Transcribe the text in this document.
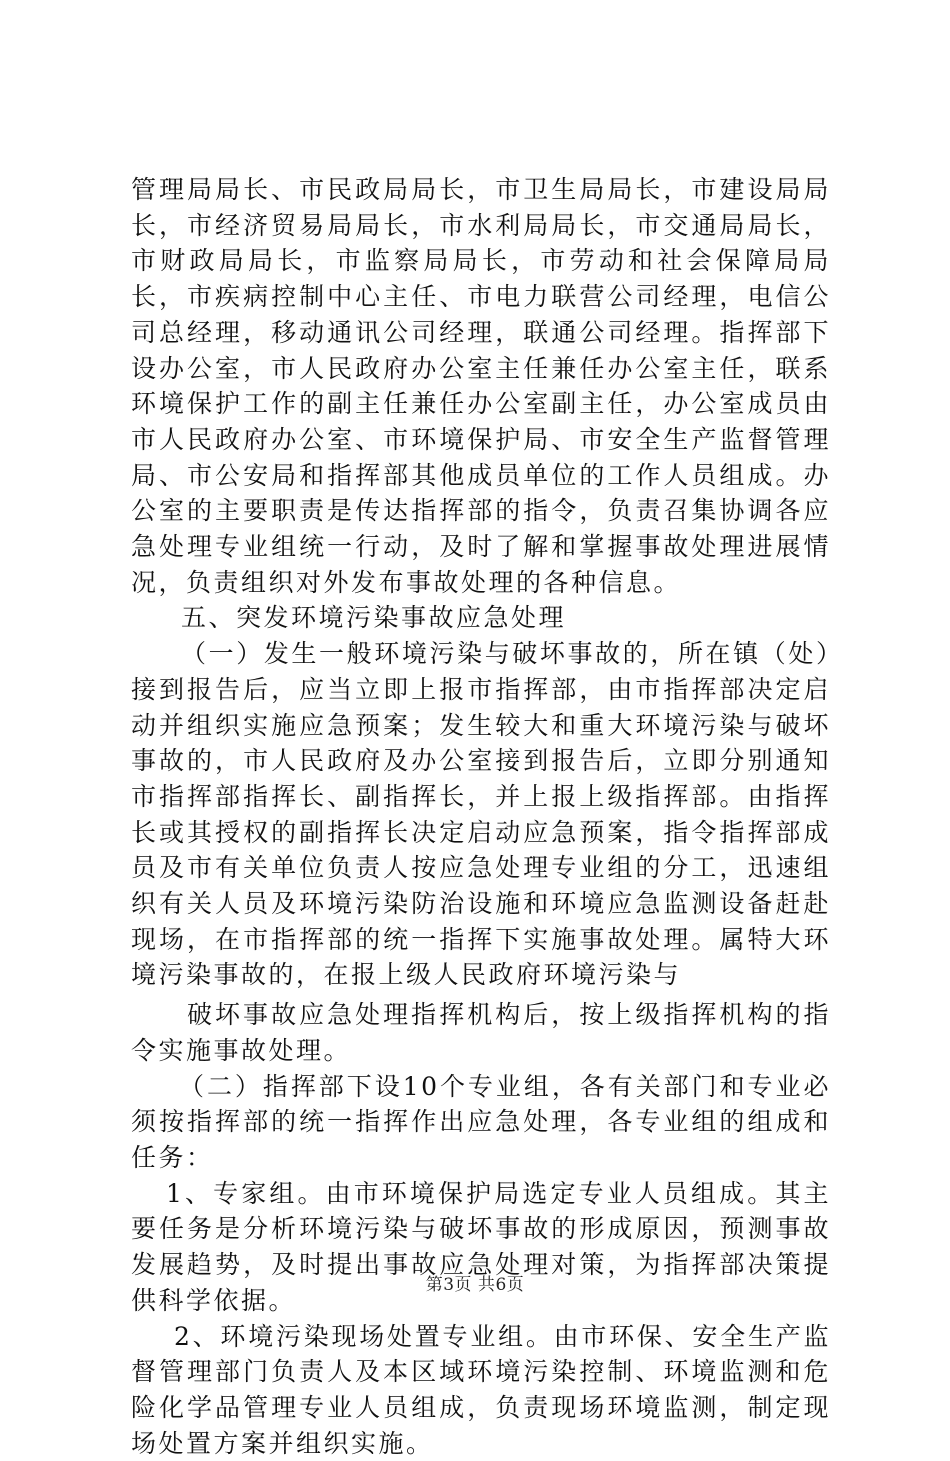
管理局局长、市民政局局长，市卫生局局长，市建设局局长，市经济贸易局局长，市水利局局长，市交通局局长，市财政局局长，市监察局局长，市劳动和社会保障局局长，市疾病控制中心主任、市电力联营公司经理，电信公司总经理，移动通讯公司经理，联通公司经理。指挥部下设办公室，市人民政府办公室主任兼任办公室主任，联系环境保护工作的副主任兼任办公室副主任，办公室成员由市人民政府办公室、市环境保护局、市安全生产监督管理局、市公安局和指挥部其他成员单位的工作人员组成。办公室的主要职责是传达指挥部的指令，负责召集协调各应急处理专业组统一行动，及时了解和掌握事故处理进展情况，负责组织对外发布事故处理的各种信息。

五、突发环境污染事故应急处理

（一）发生一般环境污染与破坏事故的，所在镇（处）接到报告后，应当立即上报市指挥部，由市指挥部决定启动并组织实施应急预案；发生较大和重大环境污染与破坏事故的，市人民政府及办公室接到报告后，立即分别通知市指挥部指挥长、副指挥长，并上报上级指挥部。由指挥长或其授权的副指挥长决定启动应急预案，指令指挥部成员及市有关单位负责人按应急处理专业组的分工，迅速组织有关人员及环境污染防治设施和环境应急监测设备赶赴现场，在市指挥部的统一指挥下实施事故处理。属特大环境污染事故的，在报上级人民政府环境污染与

破坏事故应急处理指挥机构后，按上级指挥机构的指令实施事故处理。

（二）指挥部下设10个专业组，各有关部门和专业必须按指挥部的统一指挥作出应急处理，各专业组的组成和任务：

1、专家组。由市环境保护局选定专业人员组成。其主要任务是分析环境污染与破坏事故的形成原因，预测事故发展趋势，及时提出事故应急处理对策，为指挥部决策提供科学依据。

2、环境污染现场处置专业组。由市环保、安全生产监督管理部门负责人及本区域环境污染控制、环境监测和危险化学品管理专业人员组成，负责现场环境监测，制定现场处置方案并组织实施。

第3页 共6页
